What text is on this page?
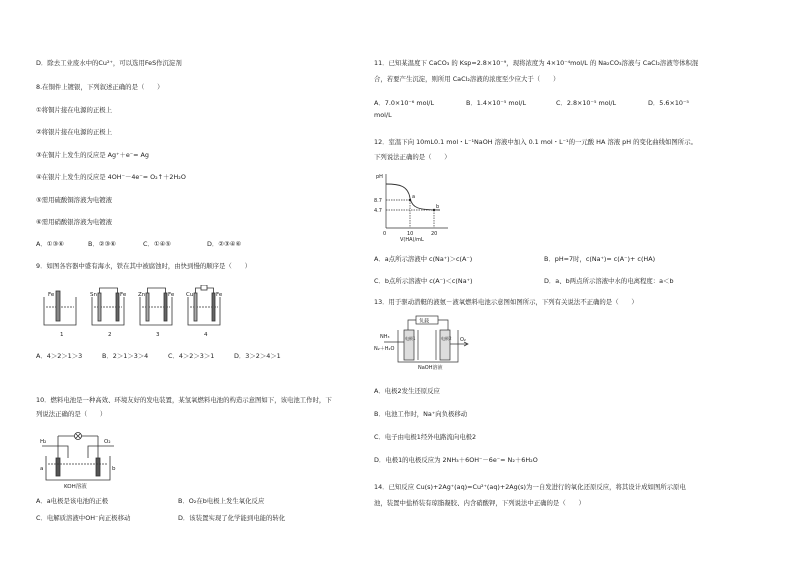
D．除去工业废水中的Cu²⁺，可以选用FeS作沉淀剂
8.在铜件上镀银，下列叙述正确的是（　　）
①将铜片接在电源的正极上
②将银片接在电源的正极上
③在铜片上发生的反应是 Ag⁺＋e⁻= Ag
④在银片上发生的反应是 4OH⁻－4e⁻= O₂↑＋2H₂O
⑤需用硫酸铜溶液为电镀液
⑥需用硝酸银溶液为电镀液
A．①③⑥	B．②③⑥	C．①④⑤	D．②③④⑥
9．如图各容器中盛有海水，铁在其中被腐蚀时，由快到慢的顺序是（　　）
Fe
1
Sn	Fe
2
Zn	Fe
3
Cu	Fe
4
A．4＞2＞1＞3	B．2＞1＞3＞4	C．4＞2＞3＞1	D．3＞2＞4＞1
10．燃料电池是一种高效、环境友好的发电装置，某氢氧燃料电池的构造示意图如下，该电池工作时，下
列说法正确的是（　　）
H₂	O₂
a	b
KOH溶液
A．a电极是该电池的正极	B．O₂在b电极上发生氧化反应
C．电解质溶液中OH⁻向正极移动	D．该装置实现了化学能到电能的转化
11．已知某温度下 CaCO₃ 的 Ksp=2.8×10⁻⁹，现将浓度为 4×10⁻⁴mol/L 的 Na₂CO₃溶液与 CaCl₂溶液等体积混
合，若要产生沉淀，则所用 CaCl₂溶液的浓度至少应大于（　　）
A．7.0×10⁻⁶ mol/L	B．1.4×10⁻⁵ mol/L	C．2.8×10⁻⁵ mol/L	D．5.6×10⁻⁵
mol/L
12．室温下向 10mL0.1 mol・L⁻¹NaOH 溶液中加入 0.1 mol・L⁻¹的一元酸 HA 溶液 pH 的变化曲线如图所示。
下列说法正确的是（　　）
pH
8.7
4.7
0	10	20
a
b
V(HA)/mL
A．a点所示溶液中 c(Na⁺)＞c(A⁻)	B．pH=7时，c(Na⁺)= c(A⁻)+ c(HA)
C．b点所示溶液中 c(A⁻)＜c(Na⁺)	D．a、b两点所示溶液中水的电离程度：a＜b
13．用于驱动潜艇的液氨－液氧燃料电池示意图如图所示，下列有关说法不正确的是（　　）
负载
NH₃
N₂＋H₂O
O₂
电极1	电极2
NaOH溶液
A．电极2发生还原反应
B．电池工作时，Na⁺向负极移动
C．电子由电极1经外电路流向电极2
D．电极1的电极反应为 2NH₃＋6OH⁻－6e⁻= N₂＋6H₂O
14．已知反应 Cu(s)+2Ag⁺(aq)=Cu²⁺(aq)+2Ag(s)为一自发进行的氧化还原反应，将其设计成如图所示原电
池，装置中盐桥装有琼脂凝胶、内含硝酸钾，下列说法中正确的是（　　）
